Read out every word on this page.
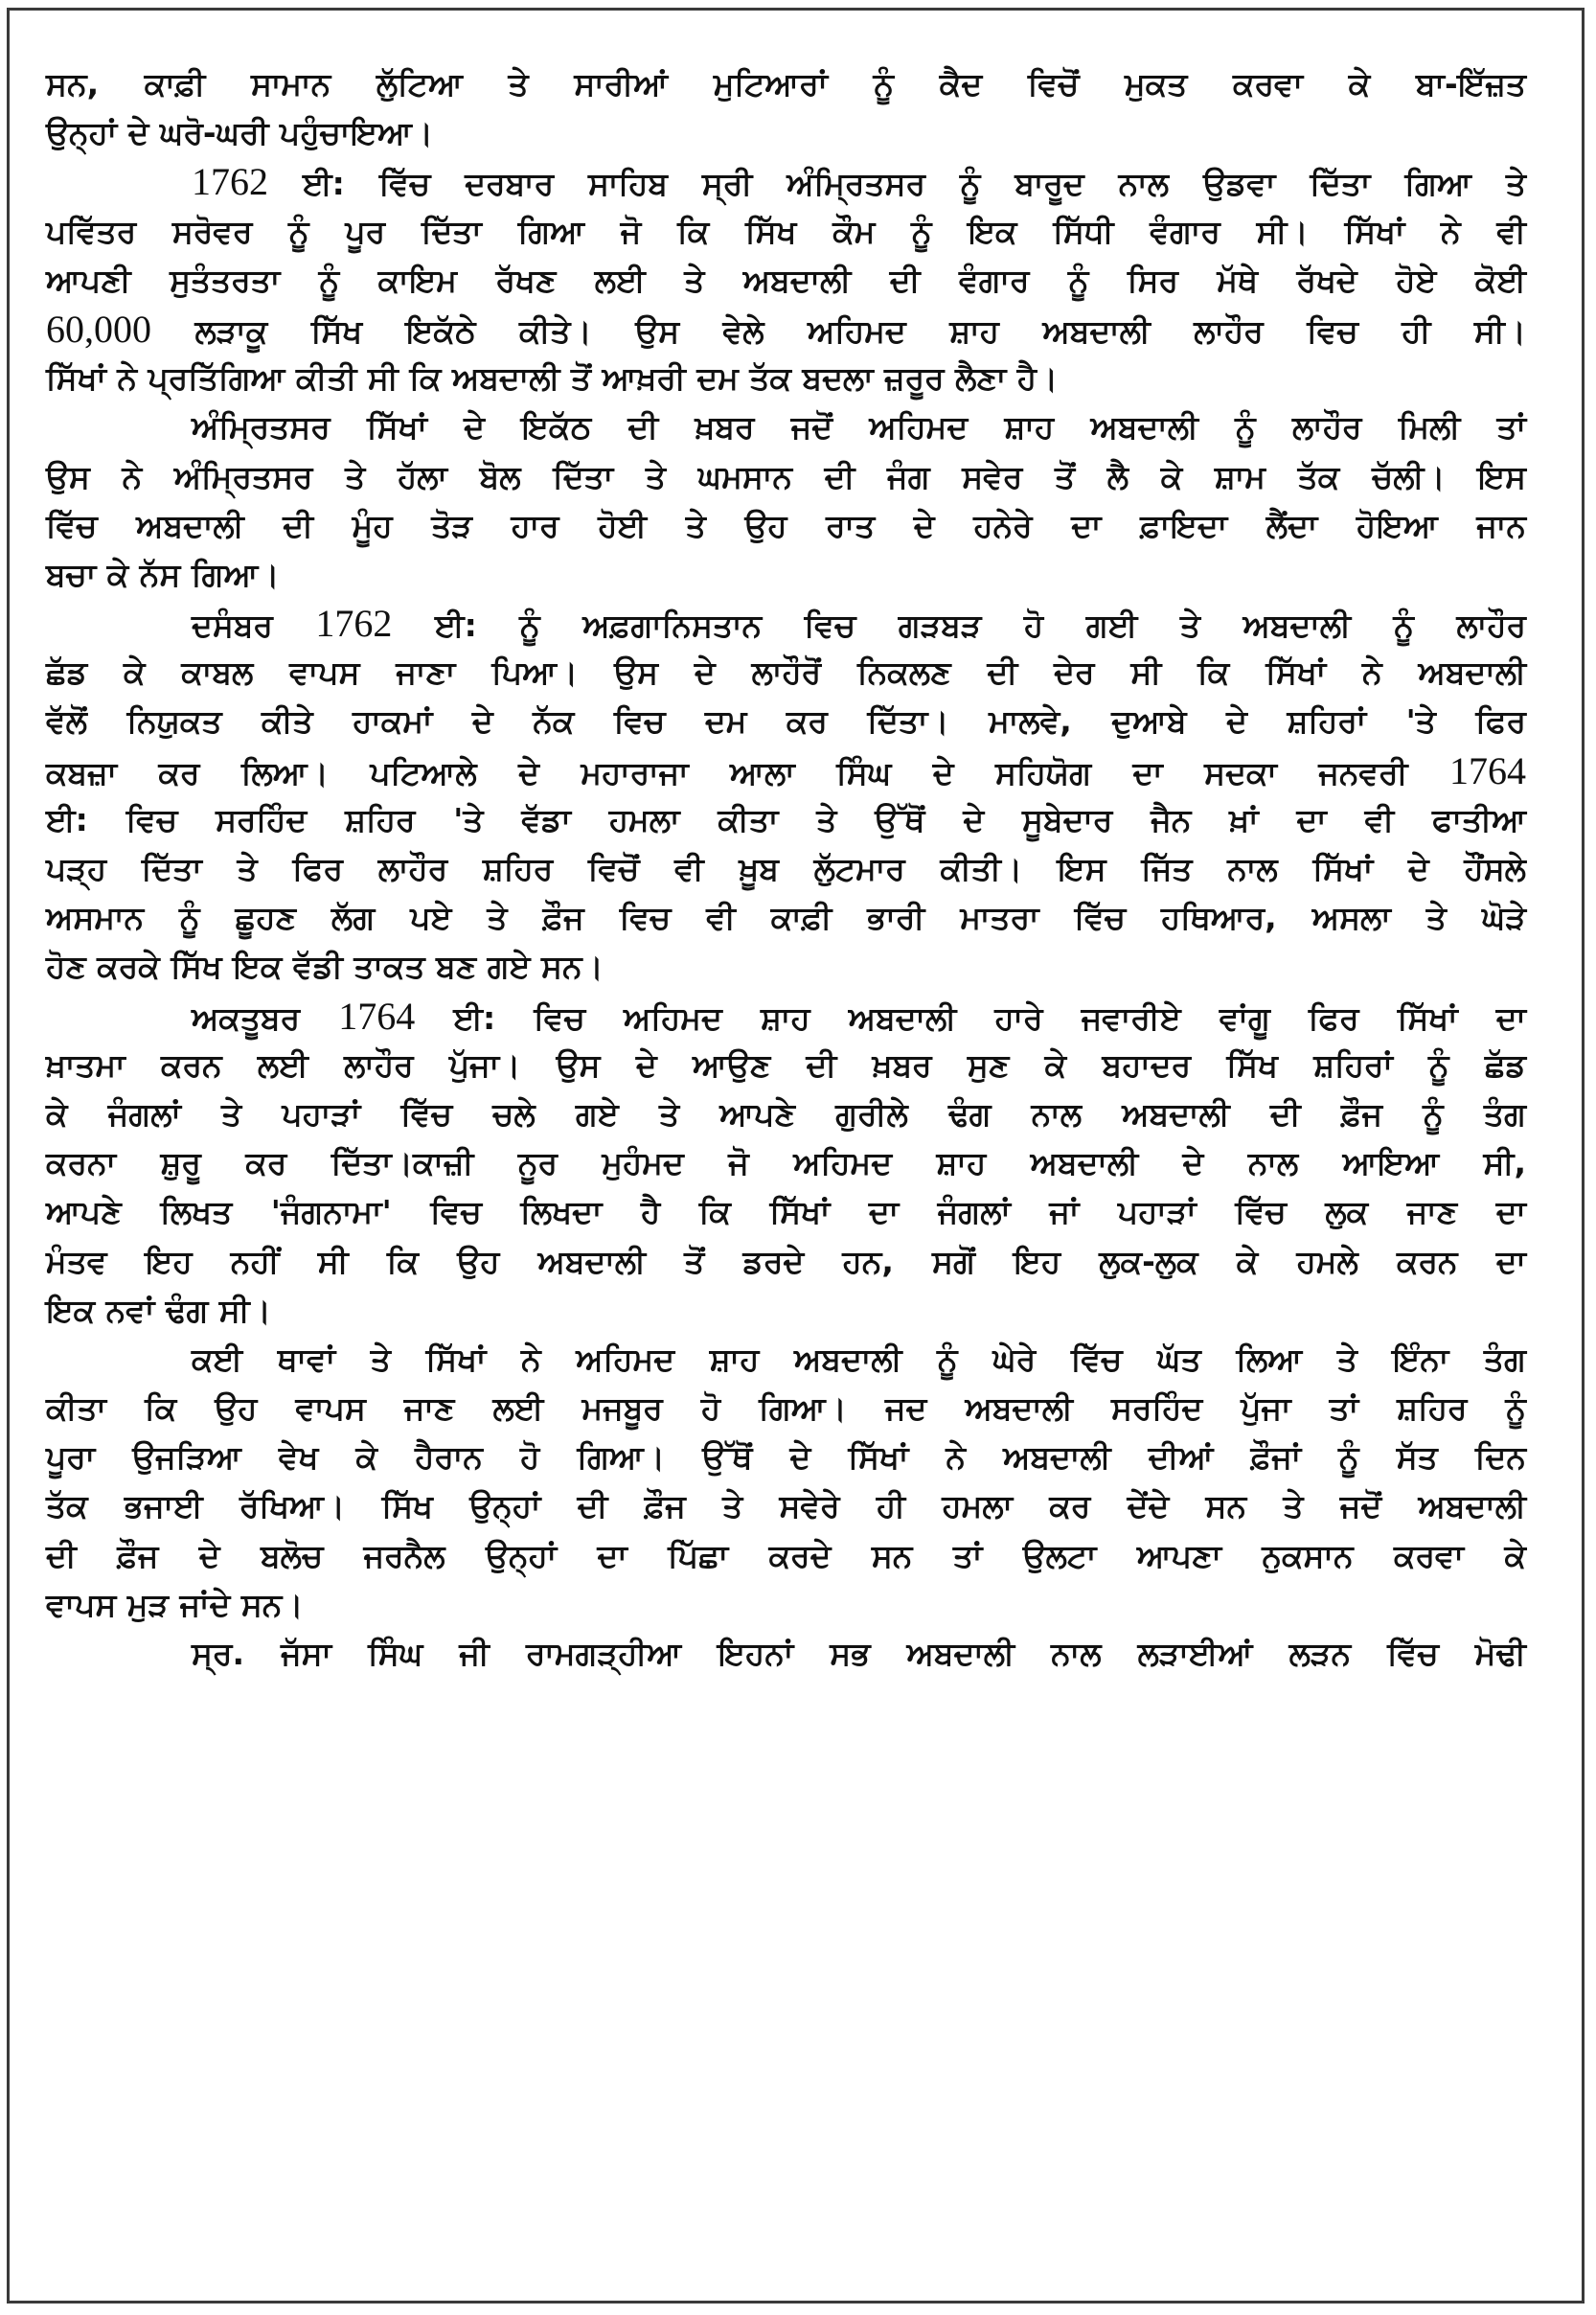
ਸਨ, ਕਾਫ਼ੀ ਸਾਮਾਨ ਲੁੱਟਿਆ ਤੇ ਸਾਰੀਆਂ ਮੁਟਿਆਰਾਂ ਨੂੰ ਕੈਦ ਵਿਚੋਂ ਮੁਕਤ ਕਰਵਾ ਕੇ ਬਾ-ਇੱਜ਼ਤ
ਉਨ੍ਹਾਂ ਦੇ ਘਰੋ-ਘਰੀ ਪਹੁੰਚਾਇਆ।
1762 ਈ: ਵਿੱਚ ਦਰਬਾਰ ਸਾਹਿਬ ਸ੍ਰੀ ਅੰਮ੍ਰਿਤਸਰ ਨੂੰ ਬਾਰੂਦ ਨਾਲ ਉਡਵਾ ਦਿੱਤਾ ਗਿਆ ਤੇ
ਪਵਿੱਤਰ ਸਰੋਵਰ ਨੂੰ ਪੂਰ ਦਿੱਤਾ ਗਿਆ ਜੋ ਕਿ ਸਿੱਖ ਕੌਮ ਨੂੰ ਇਕ ਸਿੱਧੀ ਵੰਗਾਰ ਸੀ। ਸਿੱਖਾਂ ਨੇ ਵੀ
ਆਪਣੀ ਸੁਤੰਤਰਤਾ ਨੂੰ ਕਾਇਮ ਰੱਖਣ ਲਈ ਤੇ ਅਬਦਾਲੀ ਦੀ ਵੰਗਾਰ ਨੂੰ ਸਿਰ ਮੱਥੇ ਰੱਖਦੇ ਹੋਏ ਕੋਈ
60,000 ਲੜਾਕੂ ਸਿੱਖ ਇਕੱਠੇ ਕੀਤੇ। ਉਸ ਵੇਲੇ ਅਹਿਮਦ ਸ਼ਾਹ ਅਬਦਾਲੀ ਲਾਹੌਰ ਵਿਚ ਹੀ ਸੀ।
ਸਿੱਖਾਂ ਨੇ ਪ੍ਰਤਿੱਗਿਆ ਕੀਤੀ ਸੀ ਕਿ ਅਬਦਾਲੀ ਤੋਂ ਆਖ਼ਰੀ ਦਮ ਤੱਕ ਬਦਲਾ ਜ਼ਰੂਰ ਲੈਣਾ ਹੈ।
ਅੰਮ੍ਰਿਤਸਰ ਸਿੱਖਾਂ ਦੇ ਇਕੱਠ ਦੀ ਖ਼ਬਰ ਜਦੋਂ ਅਹਿਮਦ ਸ਼ਾਹ ਅਬਦਾਲੀ ਨੂੰ ਲਾਹੌਰ ਮਿਲੀ ਤਾਂ
ਉਸ ਨੇ ਅੰਮ੍ਰਿਤਸਰ ਤੇ ਹੱਲਾ ਬੋਲ ਦਿੱਤਾ ਤੇ ਘਮਸਾਨ ਦੀ ਜੰਗ ਸਵੇਰ ਤੋਂ ਲੈ ਕੇ ਸ਼ਾਮ ਤੱਕ ਚੱਲੀ। ਇਸ
ਵਿੱਚ ਅਬਦਾਲੀ ਦੀ ਮੂੰਹ ਤੋੜ ਹਾਰ ਹੋਈ ਤੇ ਉਹ ਰਾਤ ਦੇ ਹਨੇਰੇ ਦਾ ਫ਼ਾਇਦਾ ਲੈਂਦਾ ਹੋਇਆ ਜਾਨ
ਬਚਾ ਕੇ ਨੱਸ ਗਿਆ।
ਦਸੰਬਰ 1762 ਈ: ਨੂੰ ਅਫ਼ਗਾਨਿਸਤਾਨ ਵਿਚ ਗੜਬੜ ਹੋ ਗਈ ਤੇ ਅਬਦਾਲੀ ਨੂੰ ਲਾਹੌਰ
ਛੱਡ ਕੇ ਕਾਬਲ ਵਾਪਸ ਜਾਣਾ ਪਿਆ। ਉਸ ਦੇ ਲਾਹੌਰੋਂ ਨਿਕਲਣ ਦੀ ਦੇਰ ਸੀ ਕਿ ਸਿੱਖਾਂ ਨੇ ਅਬਦਾਲੀ
ਵੱਲੋਂ ਨਿਯੁਕਤ ਕੀਤੇ ਹਾਕਮਾਂ ਦੇ ਨੱਕ ਵਿਚ ਦਮ ਕਰ ਦਿੱਤਾ। ਮਾਲਵੇ, ਦੁਆਬੇ ਦੇ ਸ਼ਹਿਰਾਂ 'ਤੇ ਫਿਰ
ਕਬਜ਼ਾ ਕਰ ਲਿਆ। ਪਟਿਆਲੇ ਦੇ ਮਹਾਰਾਜਾ ਆਲਾ ਸਿੰਘ ਦੇ ਸਹਿਯੋਗ ਦਾ ਸਦਕਾ ਜਨਵਰੀ 1764
ਈ: ਵਿਚ ਸਰਹਿੰਦ ਸ਼ਹਿਰ 'ਤੇ ਵੱਡਾ ਹਮਲਾ ਕੀਤਾ ਤੇ ਉੱਥੋਂ ਦੇ ਸੂਬੇਦਾਰ ਜੈਨ ਖ਼ਾਂ ਦਾ ਵੀ ਫਾਤੀਆ
ਪੜ੍ਹ ਦਿੱਤਾ ਤੇ ਫਿਰ ਲਾਹੌਰ ਸ਼ਹਿਰ ਵਿਚੋਂ ਵੀ ਖ਼ੂਬ ਲੁੱਟਮਾਰ ਕੀਤੀ। ਇਸ ਜਿੱਤ ਨਾਲ ਸਿੱਖਾਂ ਦੇ ਹੌਂਸਲੇ
ਅਸਮਾਨ ਨੂੰ ਛੂਹਣ ਲੱਗ ਪਏ ਤੇ ਫ਼ੌਜ ਵਿਚ ਵੀ ਕਾਫ਼ੀ ਭਾਰੀ ਮਾਤਰਾ ਵਿੱਚ ਹਥਿਆਰ, ਅਸਲਾ ਤੇ ਘੋੜੇ
ਹੋਣ ਕਰਕੇ ਸਿੱਖ ਇਕ ਵੱਡੀ ਤਾਕਤ ਬਣ ਗਏ ਸਨ।
ਅਕਤੂਬਰ 1764 ਈ: ਵਿਚ ਅਹਿਮਦ ਸ਼ਾਹ ਅਬਦਾਲੀ ਹਾਰੇ ਜਵਾਰੀਏ ਵਾਂਗੂ ਫਿਰ ਸਿੱਖਾਂ ਦਾ
ਖ਼ਾਤਮਾ ਕਰਨ ਲਈ ਲਾਹੌਰ ਪੁੱਜਾ। ਉਸ ਦੇ ਆਉਣ ਦੀ ਖ਼ਬਰ ਸੁਣ ਕੇ ਬਹਾਦਰ ਸਿੱਖ ਸ਼ਹਿਰਾਂ ਨੂੰ ਛੱਡ
ਕੇ ਜੰਗਲਾਂ ਤੇ ਪਹਾੜਾਂ ਵਿੱਚ ਚਲੇ ਗਏ ਤੇ ਆਪਣੇ ਗੁਰੀਲੇ ਢੰਗ ਨਾਲ ਅਬਦਾਲੀ ਦੀ ਫ਼ੌਜ ਨੂੰ ਤੰਗ
ਕਰਨਾ ਸ਼ੁਰੂ ਕਰ ਦਿੱਤਾ।ਕਾਜ਼ੀ ਨੂਰ ਮੁਹੰਮਦ ਜੋ ਅਹਿਮਦ ਸ਼ਾਹ ਅਬਦਾਲੀ ਦੇ ਨਾਲ ਆਇਆ ਸੀ,
ਆਪਣੇ ਲਿਖਤ 'ਜੰਗਨਾਮਾ' ਵਿਚ ਲਿਖਦਾ ਹੈ ਕਿ ਸਿੱਖਾਂ ਦਾ ਜੰਗਲਾਂ ਜਾਂ ਪਹਾੜਾਂ ਵਿੱਚ ਲੁਕ ਜਾਣ ਦਾ
ਮੰਤਵ ਇਹ ਨਹੀਂ ਸੀ ਕਿ ਉਹ ਅਬਦਾਲੀ ਤੋਂ ਡਰਦੇ ਹਨ, ਸਗੋਂ ਇਹ ਲੁਕ-ਲੁਕ ਕੇ ਹਮਲੇ ਕਰਨ ਦਾ
ਇਕ ਨਵਾਂ ਢੰਗ ਸੀ।
ਕਈ ਥਾਵਾਂ ਤੇ ਸਿੱਖਾਂ ਨੇ ਅਹਿਮਦ ਸ਼ਾਹ ਅਬਦਾਲੀ ਨੂੰ ਘੇਰੇ ਵਿੱਚ ਘੱਤ ਲਿਆ ਤੇ ਇੰਨਾ ਤੰਗ
ਕੀਤਾ ਕਿ ਉਹ ਵਾਪਸ ਜਾਣ ਲਈ ਮਜਬੂਰ ਹੋ ਗਿਆ। ਜਦ ਅਬਦਾਲੀ ਸਰਹਿੰਦ ਪੁੱਜਾ ਤਾਂ ਸ਼ਹਿਰ ਨੂੰ
ਪੂਰਾ ਉਜੜਿਆ ਵੇਖ ਕੇ ਹੈਰਾਨ ਹੋ ਗਿਆ। ਉੱਥੋਂ ਦੇ ਸਿੱਖਾਂ ਨੇ ਅਬਦਾਲੀ ਦੀਆਂ ਫ਼ੌਜਾਂ ਨੂੰ ਸੱਤ ਦਿਨ
ਤੱਕ ਭਜਾਈ ਰੱਖਿਆ। ਸਿੱਖ ਉਨ੍ਹਾਂ ਦੀ ਫ਼ੌਜ ਤੇ ਸਵੇਰੇ ਹੀ ਹਮਲਾ ਕਰ ਦੇਂਦੇ ਸਨ ਤੇ ਜਦੋਂ ਅਬਦਾਲੀ
ਦੀ ਫ਼ੌਜ ਦੇ ਬਲੋਚ ਜਰਨੈਲ ਉਨ੍ਹਾਂ ਦਾ ਪਿੱਛਾ ਕਰਦੇ ਸਨ ਤਾਂ ਉਲਟਾ ਆਪਣਾ ਨੁਕਸਾਨ ਕਰਵਾ ਕੇ
ਵਾਪਸ ਮੁੜ ਜਾਂਦੇ ਸਨ।
ਸ੍ਰ. ਜੱਸਾ ਸਿੰਘ ਜੀ ਰਾਮਗੜ੍ਹੀਆ ਇਹਨਾਂ ਸਭ ਅਬਦਾਲੀ ਨਾਲ ਲੜਾਈਆਂ ਲੜਨ ਵਿੱਚ ਮੋਢੀ
